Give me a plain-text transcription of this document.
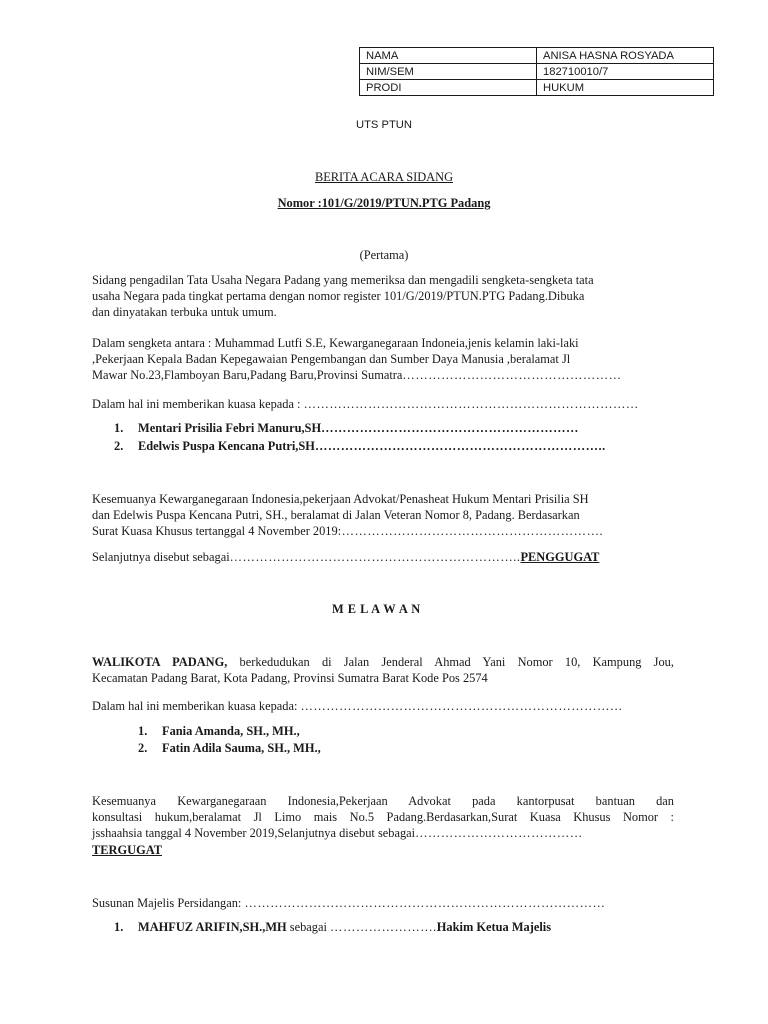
NAMA	ANISA HASNA ROSYADA
NIM/SEM	182710010/7
PRODI	HUKUM
UTS PTUN
BERITA ACARA SIDANG
Nomor :101/G/2019/PTUN.PTG Padang
(Pertama)

Sidang pengadilan Tata Usaha Negara Padang yang memeriksa dan mengadili sengketa-sengketa tata

usaha Negara pada tingkat pertama dengan nomor register 101/G/2019/PTUN.PTG Padang.Dibuka

dan dinyatakan terbuka untuk umum.

Dalam sengketa antara : Muhammad Lutfi S.E, Kewarganegaraan Indoneia,jenis kelamin laki-laki

,Pekerjaan Kepala Badan Kepegawaian Pengembangan dan Sumber Daya Manusia ,beralamat Jl

Mawar No.23,Flamboyan Baru,Padang Baru,Provinsi Sumatra……………………………………………

Dalam hal ini memberikan kuasa kepada : ……………………………………………………………………
1. Mentari Prisilia Febri Manuru,SH……………………………………………………
2. Edelwis Puspa Kencana Putri,SH…………………………………………………………..

Kesemuanya Kewarganegaraan Indonesia,pekerjaan Advokat/Penasheat Hukum Mentari Prisilia SH

dan Edelwis Puspa Kencana Putri, SH., beralamat di Jalan Veteran Nomor 8, Padang. Berdasarkan

Surat Kuasa Khusus tertanggal 4 November 2019:…………………………………………………….

Selanjutnya disebut sebagai…………………………………………………………..PENGGUGAT
M E L A W A N

WALIKOTA PADANG, berkedudukan di Jalan Jenderal Ahmad Yani Nomor 10, Kampung Jou,

Kecamatan Padang Barat, Kota Padang, Provinsi Sumatra Barat Kode Pos 2574

Dalam hal ini memberikan kuasa kepada: …………………………………………………………………
1. Fania Amanda, SH., MH.,
2. Fatin Adila Sauma, SH., MH.,

Kesemuanya Kewarganegaraan Indonesia,Pekerjaan Advokat pada kantorpusat bantuan dan

konsultasi hukum,beralamat Jl Limo mais No.5 Padang.Berdasarkan,Surat Kuasa Khusus Nomor :

jsshaahsia tanggal 4 November 2019,Selanjutnya disebut sebagai…………………………………

TERGUGAT
Susunan Majelis Persidangan: …………………………………………………………………………
1. MAHFUZ ARIFIN,SH.,MH sebagai …………………….Hakim Ketua Majelis
